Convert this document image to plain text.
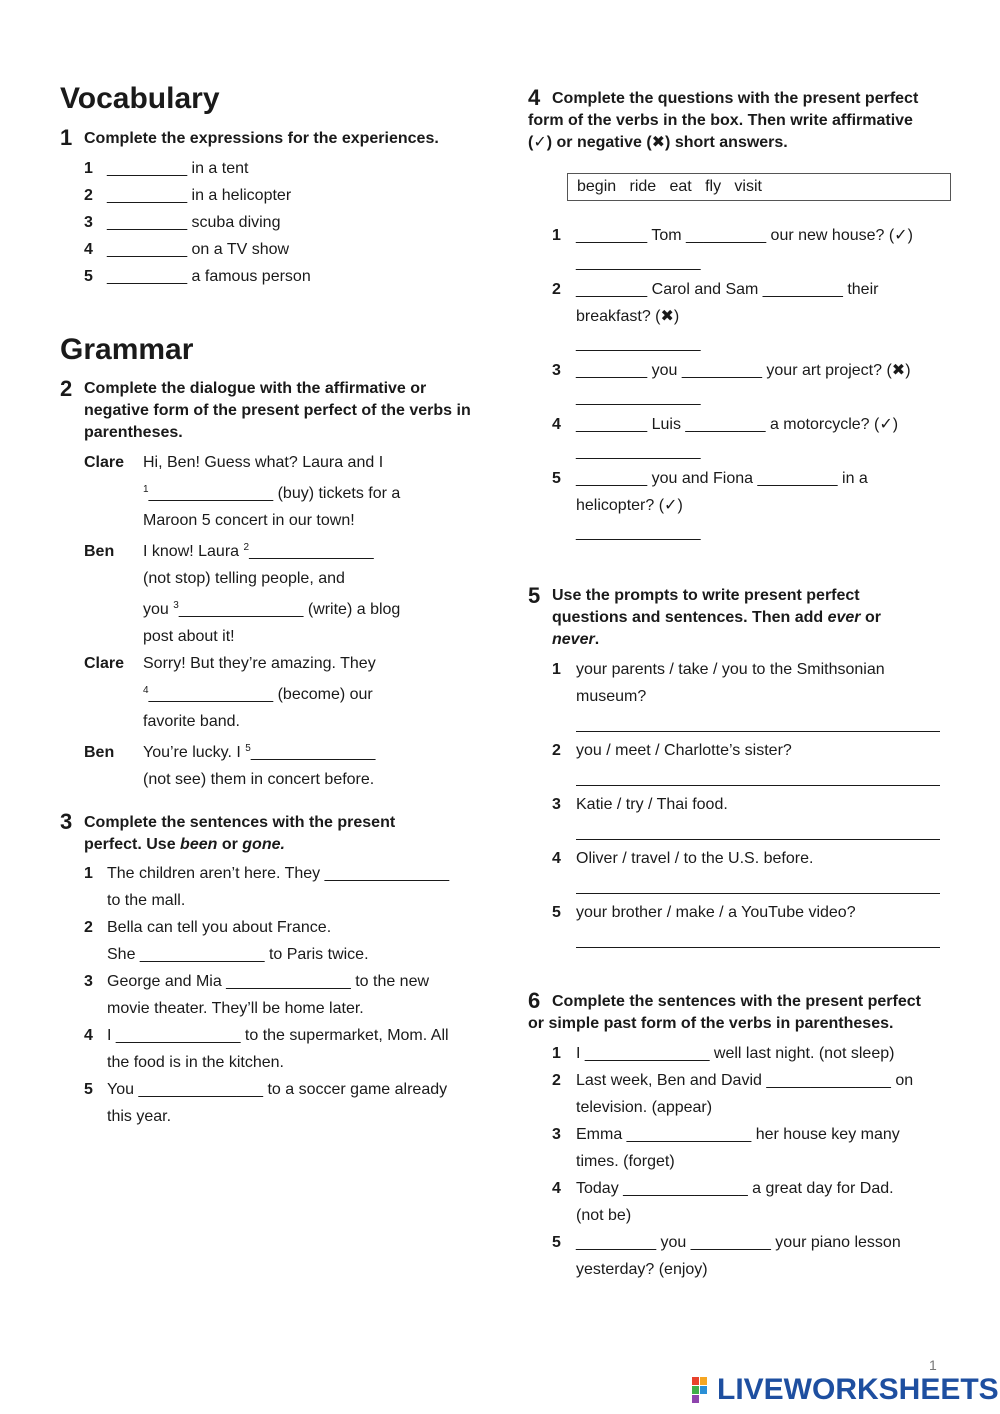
Vocabulary
1 Complete the expressions for the experiences.
1 _________ in a tent
2 _________ in a helicopter
3 _________ scuba diving
4 _________ on a TV show
5 _________ a famous person
Grammar
2 Complete the dialogue with the affirmative or negative form of the present perfect of the verbs in parentheses.
Clare Hi, Ben! Guess what? Laura and I
$^1$______________ (buy) tickets for a
Maroon 5 concert in our town!
Ben I know! Laura $^2$______________
(not stop) telling people, and
you $^3$______________ (write) a blog
post about it!
Clare Sorry! But they’re amazing. They
$^4$______________ (become) our
favorite band.
Ben You’re lucky. I $^5$______________
(not see) them in concert before.
3 Complete the sentences with the present
perfect. Use been or gone.
1 The children aren’t here. They ______________
to the mall.
2 Bella can tell you about France.
She ______________ to Paris twice.
3 George and Mia ______________ to the new
movie theater. They’ll be home later.
4 I ______________ to the supermarket, Mom. All
the food is in the kitchen.
5 You ______________ to a soccer game already
this year.
4 Complete the questions with the present perfect
form of the verbs in the box. Then write affirmative
(✓) or negative (✖) short answers.
begin   ride   eat   fly   visit
1 ________ Tom _________ our new house? (✓)
______________
2 ________ Carol and Sam _________ their
breakfast? (✖)
______________
3 ________ you _________ your art project? (✖)
______________
4 ________ Luis _________ a motorcycle? (✓)
______________
5 ________ you and Fiona _________ in a
helicopter? (✓)
______________
5 Use the prompts to write present perfect
questions and sentences. Then add ever or
never.
1 your parents / take / you to the Smithsonian
museum?
2 you / meet / Charlotte’s sister?
3 Katie / try / Thai food.
4 Oliver / travel / to the U.S. before.
5 your brother / make / a YouTube video?
6 Complete the sentences with the present perfect
or simple past form of the verbs in parentheses.
1 I ______________ well last night. (not sleep)
2 Last week, Ben and David ______________ on
television. (appear)
3 Emma ______________ her house key many
times. (forget)
4 Today ______________ a great day for Dad.
(not be)
5 _________ you _________ your piano lesson
yesterday? (enjoy)
1
LIVEWORKSHEETS
